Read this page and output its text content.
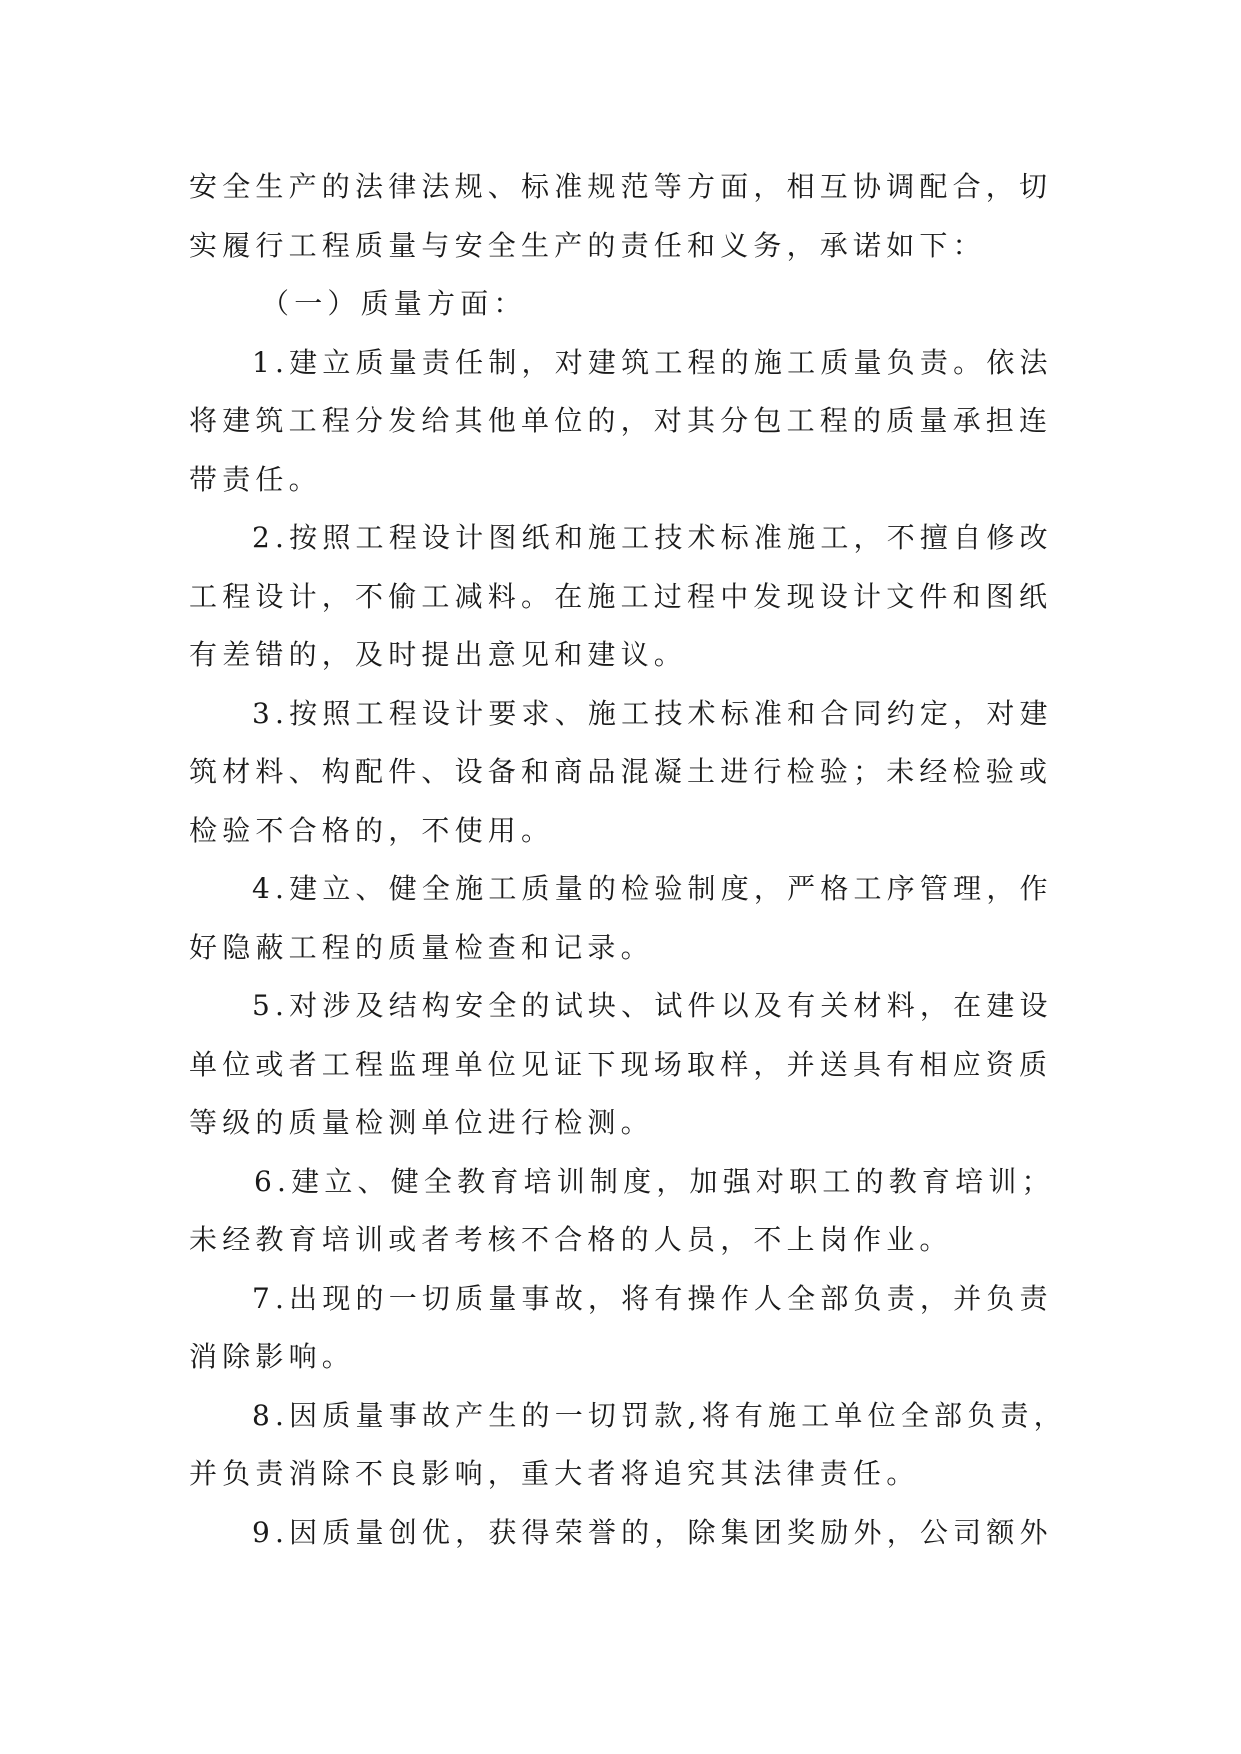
安全生产的法律法规、标准规范等方面，相互协调配合，切
实履行工程质量与安全生产的责任和义务，承诺如下：
（一）质量方面：
1.建立质量责任制，对建筑工程的施工质量负责。依法
将建筑工程分发给其他单位的，对其分包工程的质量承担连
带责任。
2.按照工程设计图纸和施工技术标准施工，不擅自修改
工程设计，不偷工减料。在施工过程中发现设计文件和图纸
有差错的，及时提出意见和建议。
3.按照工程设计要求、施工技术标准和合同约定，对建
筑材料、构配件、设备和商品混凝土进行检验；未经检验或
检验不合格的，不使用。
4.建立、健全施工质量的检验制度，严格工序管理，作
好隐蔽工程的质量检查和记录。
5.对涉及结构安全的试块、试件以及有关材料，在建设
单位或者工程监理单位见证下现场取样，并送具有相应资质
等级的质量检测单位进行检测。
6.建立、健全教育培训制度，加强对职工的教育培训；
未经教育培训或者考核不合格的人员，不上岗作业。
7.出现的一切质量事故，将有操作人全部负责，并负责
消除影响。
8.因质量事故产生的一切罚款,将有施工单位全部负责，
并负责消除不良影响，重大者将追究其法律责任。
9.因质量创优，获得荣誉的，除集团奖励外，公司额外
